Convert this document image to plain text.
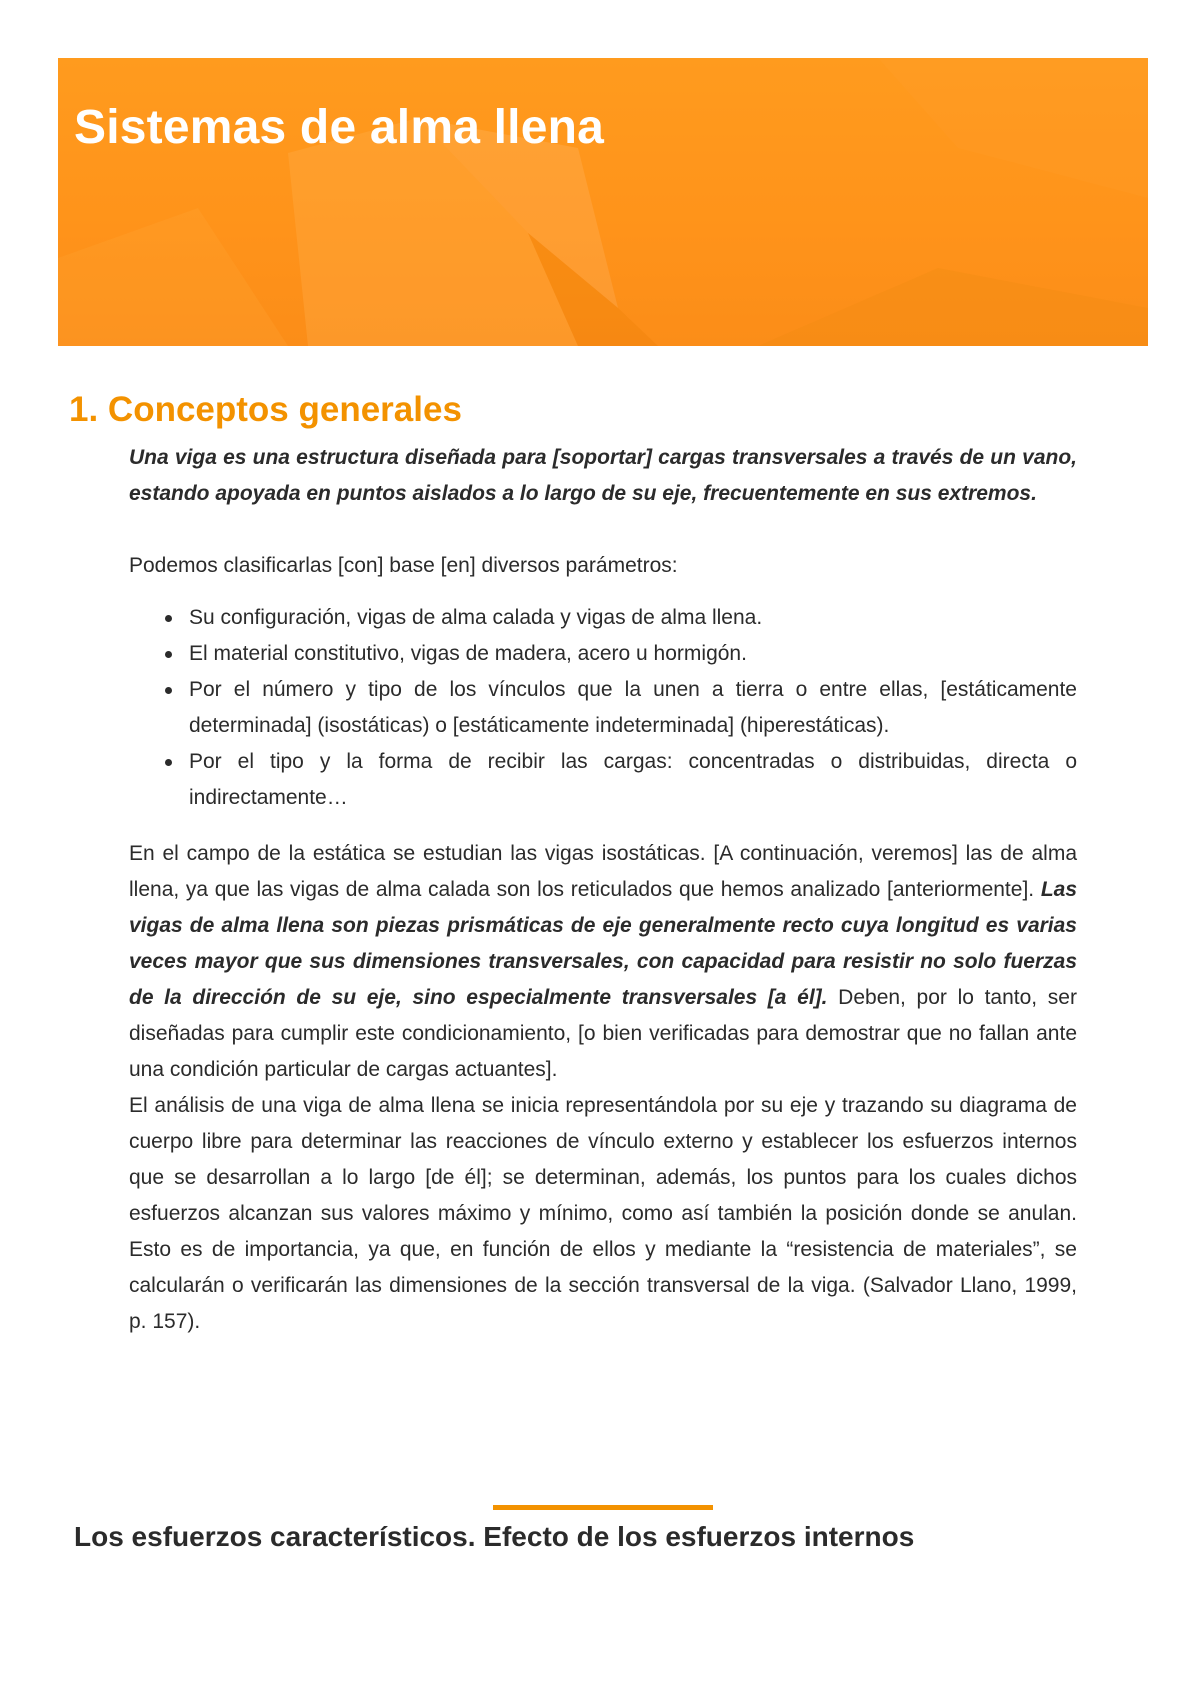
Sistemas de alma llena
1. Conceptos generales

Una viga es una estructura diseñada para [soportar] cargas transversales a través de un vano, estando apoyada en puntos aislados a lo largo de su eje, frecuentemente en sus extremos.

Podemos clasificarlas [con] base [en] diversos parámetros:

Su configuración, vigas de alma calada y vigas de alma llena.
El material constitutivo, vigas de madera, acero u hormigón.
Por el número y tipo de los vínculos que la unen a tierra o entre ellas, [estáticamente determinada] (isostáticas) o [estáticamente indeterminada] (hiperestáticas).
Por el tipo y la forma de recibir las cargas: concentradas o distribuidas, directa o indirectamente…

En el campo de la estática se estudian las vigas isostáticas. [A continuación, veremos] las de alma llena, ya que las vigas de alma calada son los reticulados que hemos analizado [anteriormente]. Las vigas de alma llena son piezas prismáticas de eje generalmente recto cuya longitud es varias veces mayor que sus dimensiones transversales, con capacidad para resistir no solo fuerzas de la dirección de su eje, sino especialmente transversales [a él]. Deben, por lo tanto, ser diseñadas para cumplir este condicionamiento, [o bien verificadas para demostrar que no fallan ante una condición particular de cargas actuantes].

El análisis de una viga de alma llena se inicia representándola por su eje y trazando su diagrama de cuerpo libre para determinar las reacciones de vínculo externo y establecer los esfuerzos internos que se desarrollan a lo largo [de él]; se determinan, además, los puntos para los cuales dichos esfuerzos alcanzan sus valores máximo y mínimo, como así también la posición donde se anulan. Esto es de importancia, ya que, en función de ellos y mediante la “resistencia de materiales”, se calcularán o verificarán las dimensiones de la sección transversal de la viga. (Salvador Llano, 1999, p. 157).

Los esfuerzos característicos. Efecto de los esfuerzos internos
